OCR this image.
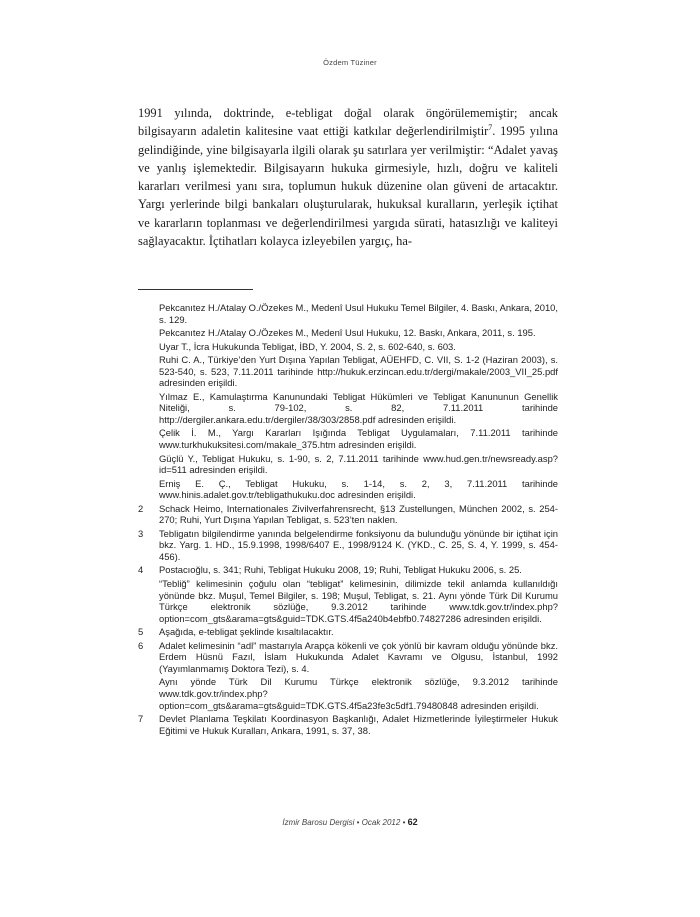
Özdem Tüziner
1991 yılında, doktrinde, e-tebligat doğal olarak öngörülememiştir; ancak bilgisayarın adaletin kalitesine vaat ettiği katkılar değerlendirilmiştir$^7$. 1995 yılına gelindiğinde, yine bilgisayarla ilgili olarak şu satırlara yer verilmiştir: “Adalet yavaş ve yanlış işlemektedir. Bilgisayarın hukuka girmesiyle, hızlı, doğru ve kaliteli kararları verilmesi yanı sıra, toplumun hukuk düzenine olan güveni de artacaktır. Yargı yerlerinde bilgi bankaları oluşturularak, hukuksal kuralların, yerleşik içtihat ve kararların toplanması ve değerlendirilmesi yargıda sürati, hatasızlığı ve kaliteyi sağlayacaktır. İçtihatları kolayca izleyebilen yargıç, ha-

Pekcanıtez H./Atalay O./Özekes M., Medenî Usul Hukuku Temel Bilgiler, 4. Baskı, Ankara, 2010, s. 129.

Pekcanıtez H./Atalay O./Özekes M., Medenî Usul Hukuku, 12. Baskı, Ankara, 2011, s. 195.

Uyar T., İcra Hukukunda Tebligat, İBD, Y. 2004, S. 2, s. 602-640, s. 603.

Ruhi C. A., Türkiye’den Yurt Dışına Yapılan Tebligat, AÜEHFD, C. VII, S. 1-2 (Haziran 2003), s. 523-540, s. 523, 7.11.2011 tarihinde http://hukuk.erzincan.edu.tr/dergi/makale/2003_VII_25.pdf adresinden erişildi.

Yılmaz E., Kamulaştırma Kanunundaki Tebligat Hükümleri ve Tebligat Kanununun Genellik Niteliği, s. 79-102, s. 82, 7.11.2011 tarihinde http://dergiler.ankara.edu.tr/dergiler/38/303/2858.pdf adresinden erişildi.

Çelik İ. M., Yargı Kararları Işığında Tebligat Uygulamaları, 7.11.2011 tarihinde www.turkhukuksitesi.com/makale_375.htm adresinden erişildi.

Güçlü Y., Tebligat Hukuku, s. 1-90, s. 2, 7.11.2011 tarihinde www.hud.gen.tr/newsready.asp?id=511 adresinden erişildi.

Erniş E. Ç., Tebligat Hukuku, s. 1-14, s. 2, 3, 7.11.2011 tarihinde www.hinis.adalet.gov.tr/tebligathukuku.doc adresinden erişildi.

2	Schack Heimo, Internationales Zivilverfahrensrecht, §13 Zustellungen, München 2002, s. 254-270; Ruhi, Yurt Dışına Yapılan Tebligat, s. 523’ten naklen.

3	Tebligatın bilgilendirme yanında belgelendirme fonksiyonu da bulunduğu yönünde bir içtihat için bkz. Yarg. 1. HD., 15.9.1998, 1998/6407 E., 1998/9124 K. (YKD., C. 25, S. 4, Y. 1999, s. 454-456).

4	Postacıoğlu, s. 341; Ruhi, Tebligat Hukuku 2008, 19; Ruhi, Tebligat Hukuku 2006, s. 25.

“Tebliğ” kelimesinin çoğulu olan “tebligat” kelimesinin, dilimizde tekil anlamda kullanıldığı yönünde bkz. Muşul, Temel Bilgiler, s. 198; Muşul, Tebligat, s. 21. Aynı yönde Türk Dil Kurumu Türkçe elektronik sözlüğe, 9.3.2012 tarihinde www.tdk.gov.tr/index.php?option=com_gts&arama=gts&guid=TDK.GTS.4f5a240b4ebfb0.74827286 adresinden erişildi.

5	Aşağıda, e-tebligat şeklinde kısaltılacaktır.

6	Adalet kelimesinin “adl” mastarıyla Arapça kökenli ve çok yönlü bir kavram olduğu yönünde bkz. Erdem Hüsnü Fazıl, İslam Hukukunda Adalet Kavramı ve Olgusu, İstanbul, 1992 (Yayımlanmamış Doktora Tezi), s. 4.

Aynı yönde Türk Dil Kurumu Türkçe elektronik sözlüğe, 9.3.2012 tarihinde www.tdk.gov.tr/index.php?option=com_gts&arama=gts&guid=TDK.GTS.4f5a23fe3c5df1.79480848 adresinden erişildi.

7	Devlet Planlama Teşkilatı Koordinasyon Başkanlığı, Adalet Hizmetlerinde İyileştirmeler Hukuk Eğitimi ve Hukuk Kuralları, Ankara, 1991, s. 37, 38.

İzmir Barosu Dergisi • Ocak 2012 • 62
